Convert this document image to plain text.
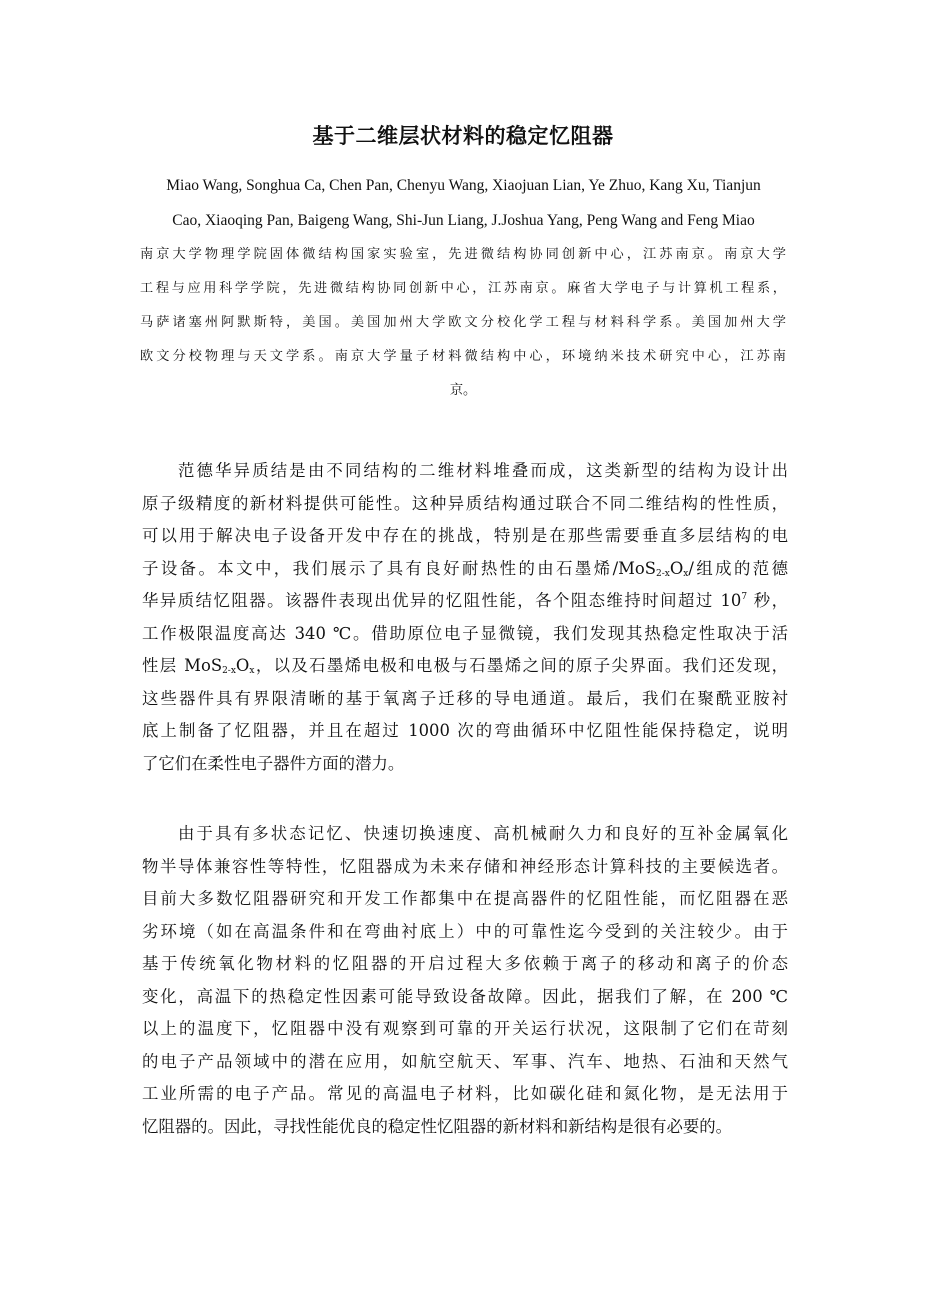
基于二维层状材料的稳定忆阻器

Miao Wang, Songhua Ca, Chen Pan, Chenyu Wang, Xiaojuan Lian, Ye Zhuo, Kang Xu, Tianjun
Cao, Xiaoqing Pan, Baigeng Wang, Shi-Jun Liang, J.Joshua Yang, Peng Wang and Feng Miao

南京大学物理学院固体微结构国家实验室，先进微结构协同创新中心，江苏南京。南京大学
工程与应用科学学院，先进微结构协同创新中心，江苏南京。麻省大学电子与计算机工程系，
马萨诸塞州阿默斯特，美国。美国加州大学欧文分校化学工程与材料科学系。美国加州大学
欧文分校物理与天文学系。南京大学量子材料微结构中心，环境纳米技术研究中心，江苏南
京。

范德华异质结是由不同结构的二维材料堆叠而成，这类新型的结构为设计出
原子级精度的新材料提供可能性。这种异质结构通过联合不同二维结构的性性质，
可以用于解决电子设备开发中存在的挑战，特别是在那些需要垂直多层结构的电
子设备。本文中，我们展示了具有良好耐热性的由石墨烯$/MoS_{2-x}O_x/$组成的范德
华异质结忆阻器。该器件表现出优异的忆阻性能，各个阻态维持时间超过 $10^7$ 秒，
工作极限温度高达 340 ℃。借助原位电子显微镜，我们发现其热稳定性取决于活
性层 $MoS_{2-x}O_x$，以及石墨烯电极和电极与石墨烯之间的原子尖界面。我们还发现，
这些器件具有界限清晰的基于氧离子迁移的导电通道。最后，我们在聚酰亚胺衬
底上制备了忆阻器，并且在超过 1000 次的弯曲循环中忆阻性能保持稳定，说明
了它们在柔性电子器件方面的潜力。

由于具有多状态记忆、快速切换速度、高机械耐久力和良好的互补金属氧化
物半导体兼容性等特性，忆阻器成为未来存储和神经形态计算科技的主要候选者。
目前大多数忆阻器研究和开发工作都集中在提高器件的忆阻性能，而忆阻器在恶
劣环境（如在高温条件和在弯曲衬底上）中的可靠性迄今受到的关注较少。由于
基于传统氧化物材料的忆阻器的开启过程大多依赖于离子的移动和离子的价态
变化，高温下的热稳定性因素可能导致设备故障。因此，据我们了解，在 200 ℃
以上的温度下，忆阻器中没有观察到可靠的开关运行状况，这限制了它们在苛刻
的电子产品领域中的潜在应用，如航空航天、军事、汽车、地热、石油和天然气
工业所需的电子产品。常见的高温电子材料，比如碳化硅和氮化物，是无法用于
忆阻器的。因此，寻找性能优良的稳定性忆阻器的新材料和新结构是很有必要的。
